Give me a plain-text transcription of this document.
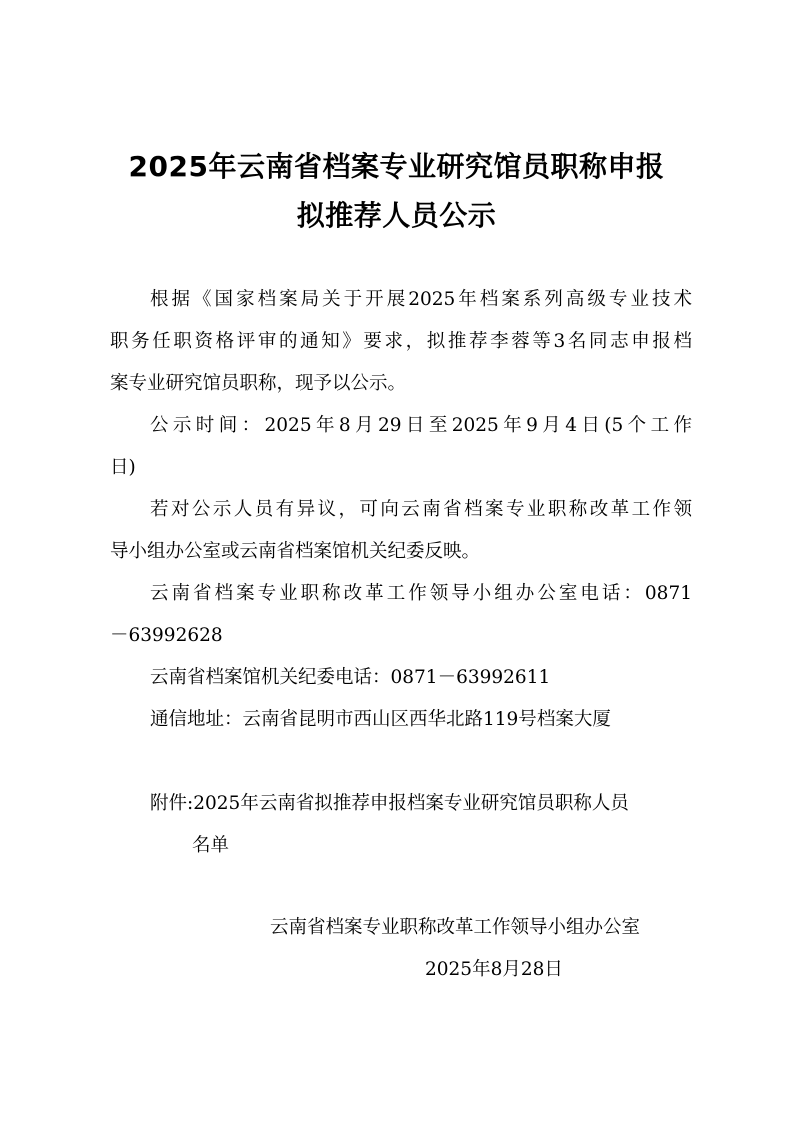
2025年云南省档案专业研究馆员职称申报
拟推荐人员公示
根据《国家档案局关于开展2025年档案系列高级专业技术
职务任职资格评审的通知》要求，拟推荐李蓉等3名同志申报档
案专业研究馆员职称，现予以公示。
公示时间：2025年8月29日至2025年9月4日(5个工作
日)
若对公示人员有异议，可向云南省档案专业职称改革工作领
导小组办公室或云南省档案馆机关纪委反映。
云南省档案专业职称改革工作领导小组办公室电话：0871
－63992628
云南省档案馆机关纪委电话：0871－63992611
通信地址：云南省昆明市西山区西华北路119号档案大厦
附件:2025年云南省拟推荐申报档案专业研究馆员职称人员
名单
云南省档案专业职称改革工作领导小组办公室
2025年8月28日
